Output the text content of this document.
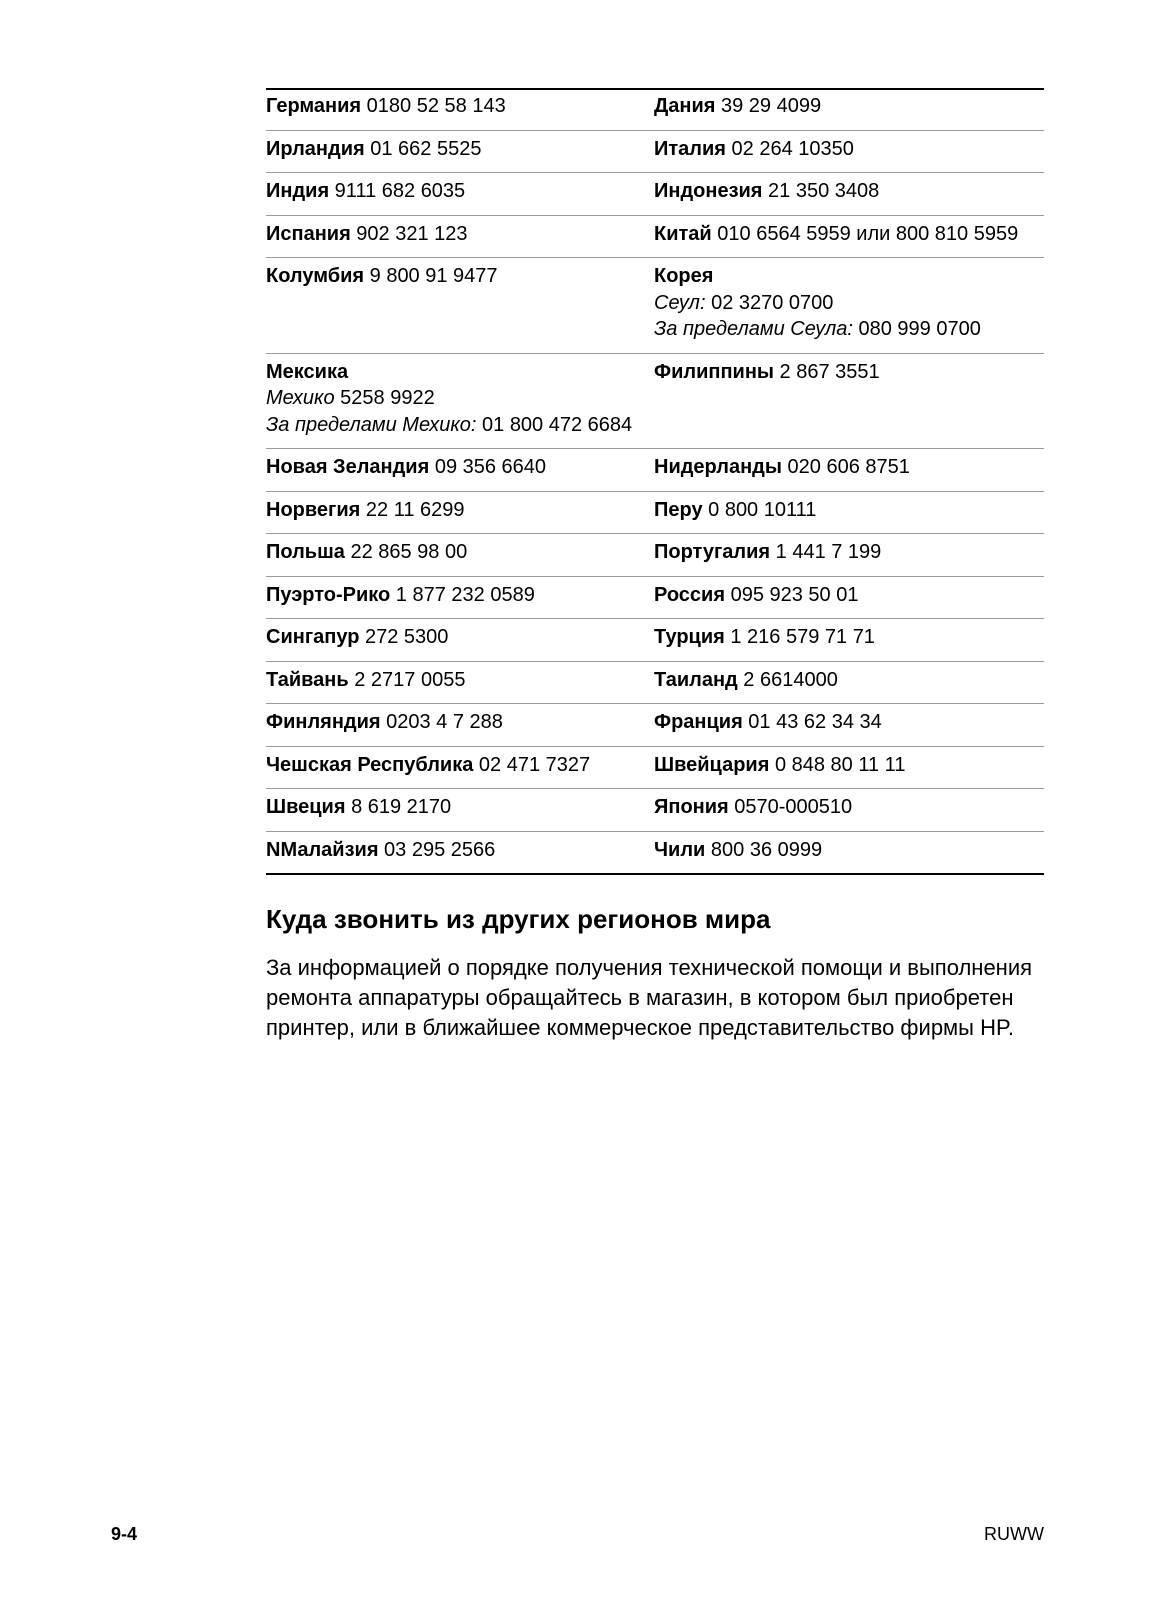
Германия 0180 52 58 143	Дания 39 29 4099
Ирландия 01 662 5525	Италия 02 264 10350
Индия 9111 682 6035	Индонезия 21 350 3408
Испания 902 321 123	Китай 010 6564 5959 или 800 810 5959
Колумбия 9 800 91 9477	Корея
Сеул: 02 3270 0700
За пределами Сеула: 080 999 0700

Мексика
Мехико 5258 9922
За пределами Мехико: 01 800 472 6684	Филиппины 2 867 3551
Новая Зеландия 09 356 6640	Нидерланды 020 606 8751
Норвегия 22 11 6299	Перу 0 800 10111
Польша 22 865 98 00	Португалия 1 441 7 199
Пуэрто-Рико 1 877 232 0589	Россия 095 923 50 01
Сингапур 272 5300	Турция 1 216 579 71 71
Тайвань 2 2717 0055	Таиланд 2 6614000
Финляндия 0203 4 7 288	Франция 01 43 62 34 34
Чешская Республика 02 471 7327	Швейцария 0 848 80 11 11
Швеция 8 619 2170	Япония 0570-000510
NМалайзия 03 295 2566	Чили 800 36 0999
Куда звонить из других регионов мира

За информацией о порядке получения технической помощи и выполнения ремонта аппаратуры обращайтесь в магазин, в котором был приобретен принтер, или в ближайшее коммерческое представительство фирмы HP.

9-4	RUWW
